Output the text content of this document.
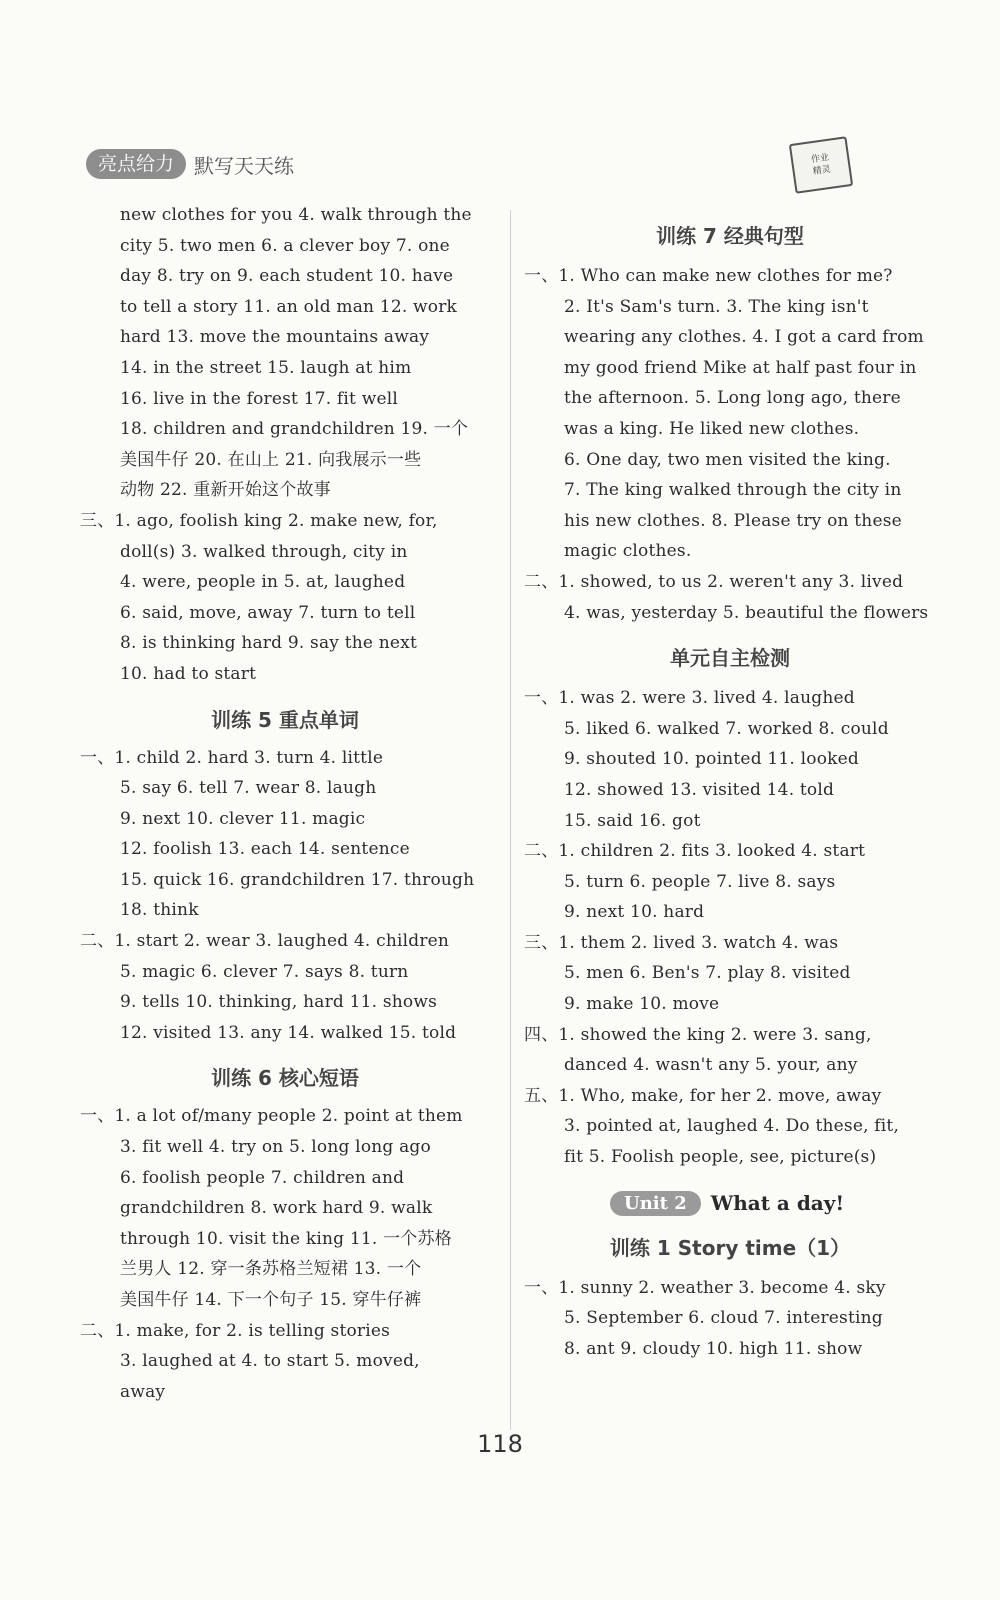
亮点给力	默写天天练	作业
精灵
new clothes for you 4. walk through the
city 5. two men 6. a clever boy 7. one
day 8. try on 9. each student 10. have
to tell a story 11. an old man 12. work
hard 13. move the mountains away
14. in the street 15. laugh at him
16. live in the forest 17. fit well
18. children and grandchildren 19. 一个
美国牛仔 20. 在山上 21. 向我展示一些
动物 22. 重新开始这个故事
三、1. ago, foolish king 2. make new, for,
doll(s) 3. walked through, city in
4. were, people in 5. at, laughed
6. said, move, away 7. turn to tell
8. is thinking hard 9. say the next
10. had to start
训练 5 重点单词
一、1. child 2. hard 3. turn 4. little
5. say 6. tell 7. wear 8. laugh
9. next 10. clever 11. magic
12. foolish 13. each 14. sentence
15. quick 16. grandchildren 17. through
18. think
二、1. start 2. wear 3. laughed 4. children
5. magic 6. clever 7. says 8. turn
9. tells 10. thinking, hard 11. shows
12. visited 13. any 14. walked 15. told
训练 6 核心短语
一、1. a lot of/many people 2. point at them
3. fit well 4. try on 5. long long ago
6. foolish people 7. children and
grandchildren 8. work hard 9. walk
through 10. visit the king 11. 一个苏格
兰男人 12. 穿一条苏格兰短裙 13. 一个
美国牛仔 14. 下一个句子 15. 穿牛仔裤
二、1. make, for 2. is telling stories
3. laughed at 4. to start 5. moved,
away
训练 7 经典句型
一、1. Who can make new clothes for me?
2. It's Sam's turn. 3. The king isn't
wearing any clothes. 4. I got a card from
my good friend Mike at half past four in
the afternoon. 5. Long long ago, there
was a king. He liked new clothes.
6. One day, two men visited the king.
7. The king walked through the city in
his new clothes. 8. Please try on these
magic clothes.
二、1. showed, to us 2. weren't any 3. lived
4. was, yesterday 5. beautiful the flowers
单元自主检测
一、1. was 2. were 3. lived 4. laughed
5. liked 6. walked 7. worked 8. could
9. shouted 10. pointed 11. looked
12. showed 13. visited 14. told
15. said 16. got
二、1. children 2. fits 3. looked 4. start
5. turn 6. people 7. live 8. says
9. next 10. hard
三、1. them 2. lived 3. watch 4. was
5. men 6. Ben's 7. play 8. visited
9. make 10. move
四、1. showed the king 2. were 3. sang,
danced 4. wasn't any 5. your, any
五、1. Who, make, for her 2. move, away
3. pointed at, laughed 4. Do these, fit,
fit 5. Foolish people, see, picture(s)
Unit 2	What a day!
训练 1 Story time（1）
一、1. sunny 2. weather 3. become 4. sky
5. September 6. cloud 7. interesting
8. ant 9. cloudy 10. high 11. show
118
